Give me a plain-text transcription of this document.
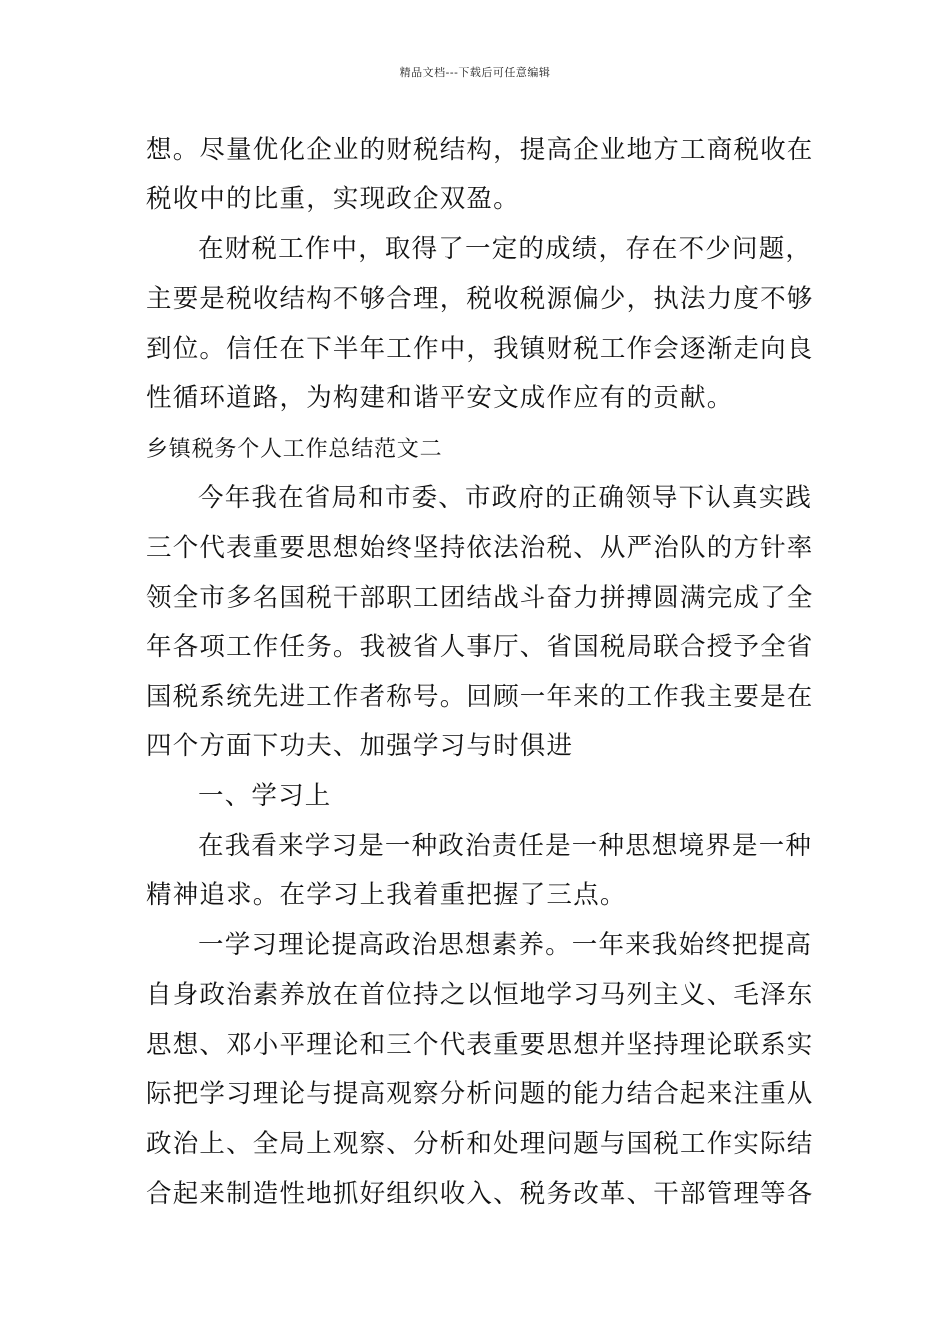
精品文档---下载后可任意编辑
想。尽量优化企业的财税结构，提高企业地方工商税收在
税收中的比重，实现政企双盈。
在财税工作中，取得了一定的成绩，存在不少问题，
主要是税收结构不够合理，税收税源偏少，执法力度不够
到位。信任在下半年工作中，我镇财税工作会逐渐走向良
性循环道路，为构建和谐平安文成作应有的贡献。
乡镇税务个人工作总结范文二
今年我在省局和市委、市政府的正确领导下认真实践
三个代表重要思想始终坚持依法治税、从严治队的方针率
领全市多名国税干部职工团结战斗奋力拼搏圆满完成了全
年各项工作任务。我被省人事厅、省国税局联合授予全省
国税系统先进工作者称号。回顾一年来的工作我主要是在
四个方面下功夫、加强学习与时俱进
一、学习上
在我看来学习是一种政治责任是一种思想境界是一种
精神追求。在学习上我着重把握了三点。
一学习理论提高政治思想素养。一年来我始终把提高
自身政治素养放在首位持之以恒地学习马列主义、毛泽东
思想、邓小平理论和三个代表重要思想并坚持理论联系实
际把学习理论与提高观察分析问题的能力结合起来注重从
政治上、全局上观察、分析和处理问题与国税工作实际结
合起来制造性地抓好组织收入、税务改革、干部管理等各
